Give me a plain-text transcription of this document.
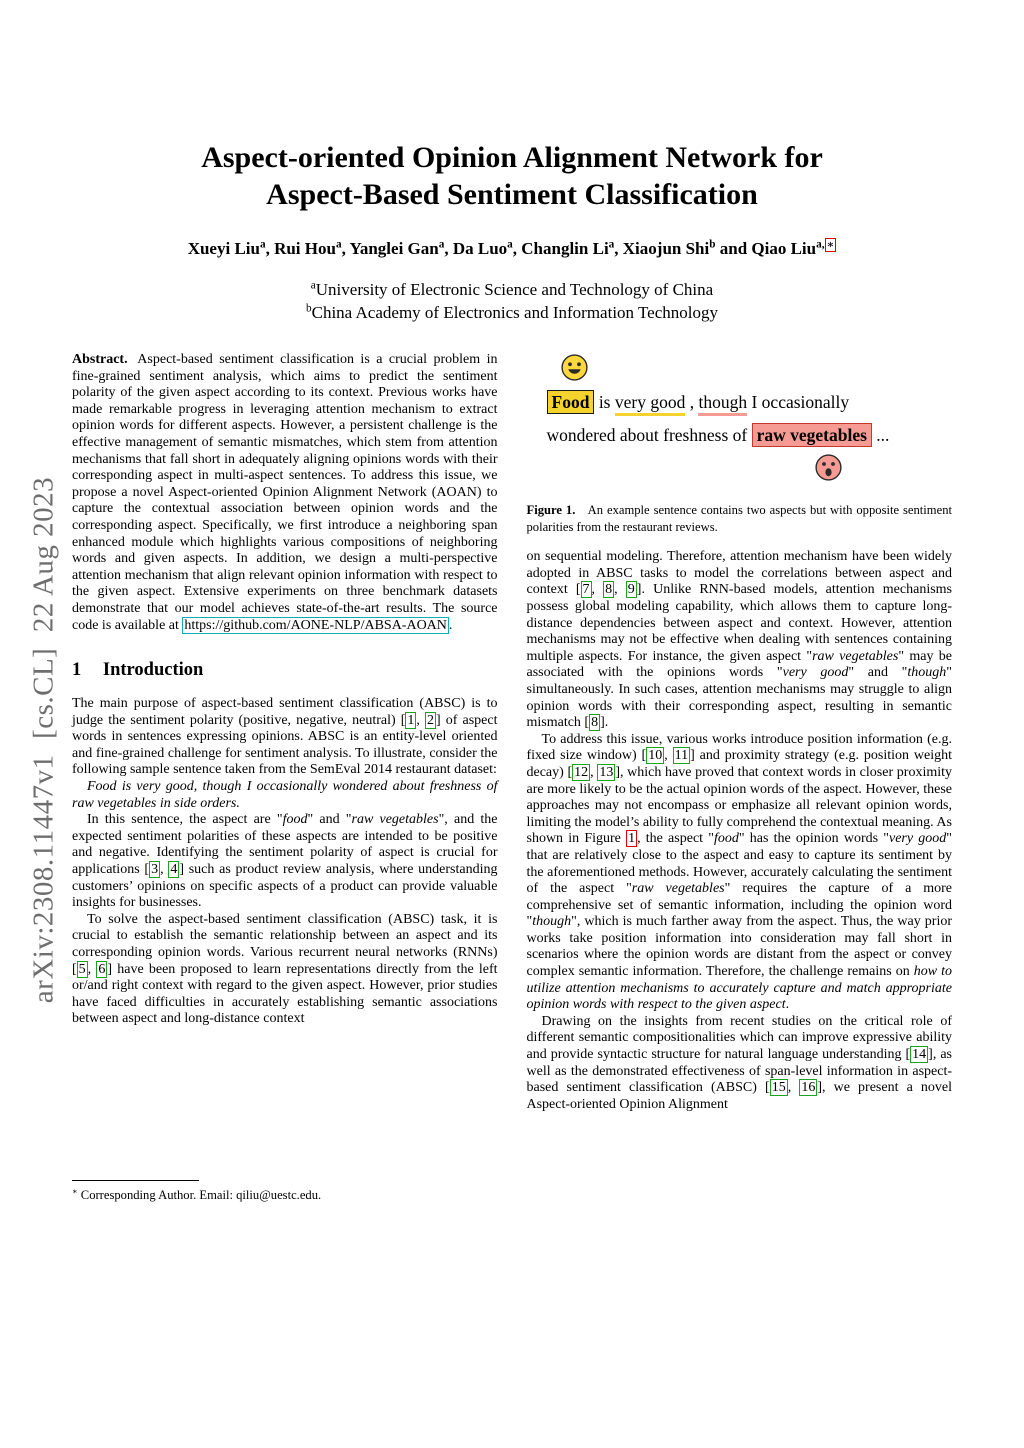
arXiv:2308.11447v1  [cs.CL]  22 Aug 2023
Aspect-oriented Opinion Alignment Network for
Aspect-Based Sentiment Classification
Xueyi Liu$^a$, Rui Hou$^a$, Yanglei Gan$^a$, Da Luo$^a$, Changlin Li$^a$, Xiaojun Shi$^b$ and Qiao Liu$^{a,}$ ∗
$^a$University of Electronic Science and Technology of China
$^b$China Academy of Electronics and Information Technology

Abstract. Aspect-based sentiment classification is a crucial problem in fine-grained sentiment analysis, which aims to predict the sentiment polarity of the given aspect according to its context. Previous works have made remarkable progress in leveraging attention mechanism to extract opinion words for different aspects. However, a persistent challenge is the effective management of semantic mismatches, which stem from attention mechanisms that fall short in adequately aligning opinions words with their corresponding aspect in multi-aspect sentences. To address this issue, we propose a novel Aspect-oriented Opinion Alignment Network (AOAN) to capture the contextual association between opinion words and the corresponding aspect. Specifically, we first introduce a neighboring span enhanced module which highlights various compositions of neighboring words and given aspects. In addition, we design a multi-perspective attention mechanism that align relevant opinion information with respect to the given aspect. Extensive experiments on three benchmark datasets demonstrate that our model achieves state-of-the-art results. The source code is available at https://github.com/AONE-NLP/ABSA-AOAN .

1 Introduction

The main purpose of aspect-based sentiment classification (ABSC) is to judge the sentiment polarity (positive, negative, neutral) [ 1 , 2 ] of aspect words in sentences expressing opinions. ABSC is an entity-level oriented and fine-grained challenge for sentiment analysis. To illustrate, consider the following sample sentence taken from the SemEval 2014 restaurant dataset:

Food is very good, though I occasionally wondered about freshness of raw vegetables in side orders.

In this sentence, the aspect are "food" and "raw vegetables", and the expected sentiment polarities of these aspects are intended to be positive and negative. Identifying the sentiment polarity of aspect is crucial for applications [ 3 , 4 ] such as product review analysis, where understanding customers’ opinions on specific aspects of a product can provide valuable insights for businesses.

To solve the aspect-based sentiment classification (ABSC) task, it is crucial to establish the semantic relationship between an aspect and its corresponding opinion words. Various recurrent neural networks (RNNs) [ 5 , 6 ] have been proposed to learn representations directly from the left or/and right context with regard to the given aspect. However, prior studies have faced difficulties in accurately establishing semantic associations between aspect and long-distance context

∗ Corresponding Author. Email: qiliu@uestc.edu.

Food is very good , though I occasionally
wondered about freshness of raw vegetables ...
Figure 1. An example sentence contains two aspects but with opposite sentiment polarities from the restaurant reviews.

on sequential modeling. Therefore, attention mechanism have been widely adopted in ABSC tasks to model the correlations between aspect and context [ 7 , 8 , 9 ]. Unlike RNN-based models, attention mechanisms possess global modeling capability, which allows them to capture long-distance dependencies between aspect and context. However, attention mechanisms may not be effective when dealing with sentences containing multiple aspects. For instance, the given aspect "raw vegetables" may be associated with the opinions words "very good" and "though" simultaneously. In such cases, attention mechanisms may struggle to align opinion words with their corresponding aspect, resulting in semantic mismatch [ 8 ].

To address this issue, various works introduce position information (e.g. fixed size window) [ 10 , 11 ] and proximity strategy (e.g. position weight decay) [ 12 , 13 ], which have proved that context words in closer proximity are more likely to be the actual opinion words of the aspect. However, these approaches may not encompass or emphasize all relevant opinion words, limiting the model’s ability to fully comprehend the contextual meaning. As shown in Figure 1 , the aspect "food" has the opinion words "very good" that are relatively close to the aspect and easy to capture its sentiment by the aforementioned methods. However, accurately calculating the sentiment of the aspect "raw vegetables" requires the capture of a more comprehensive set of semantic information, including the opinion word "though", which is much farther away from the aspect. Thus, the way prior works take position information into consideration may fall short in scenarios where the opinion words are distant from the aspect or convey complex semantic information. Therefore, the challenge remains on how to utilize attention mechanisms to accurately capture and match appropriate opinion words with respect to the given aspect.

Drawing on the insights from recent studies on the critical role of different semantic compositionalities which can improve expressive ability and provide syntactic structure for natural language understanding [ 14 ], as well as the demonstrated effectiveness of span-level information in aspect-based sentiment classification (ABSC) [ 15 , 16 ], we present a novel Aspect-oriented Opinion Alignment
